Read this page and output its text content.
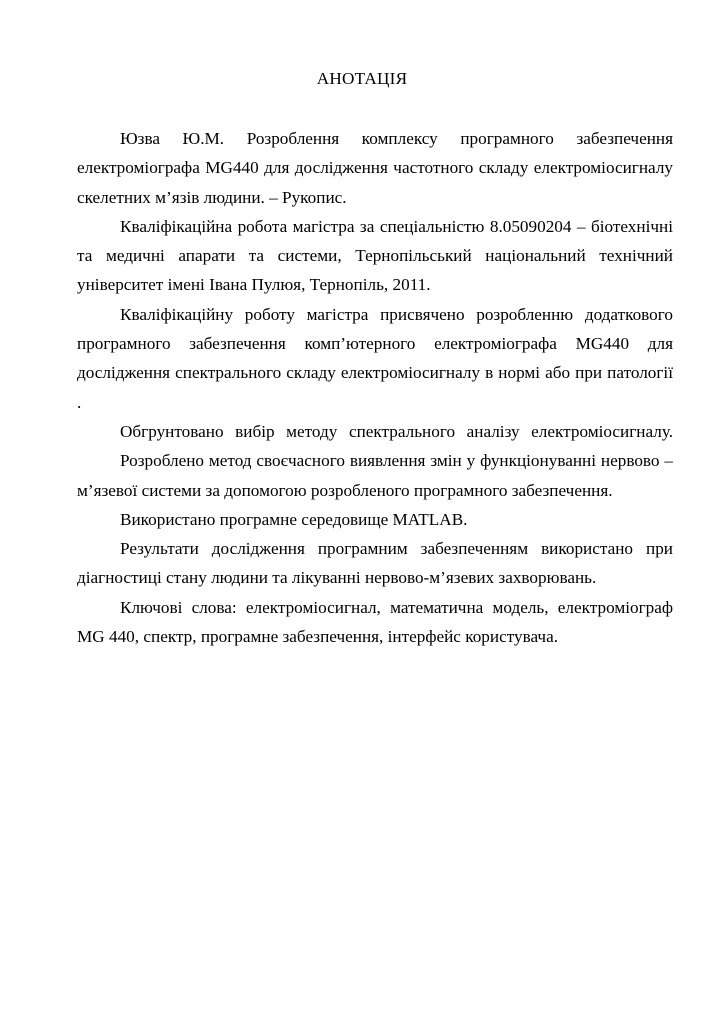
АНОТАЦІЯ

Юзва Ю.М. Розроблення комплексу програмного забезпечення електроміографа MG440 для дослідження частотного складу електроміосигналу скелетних м’язів людини. – Рукопис.

Кваліфікаційна робота магістра за спеціальністю 8.05090204 – біотехнічні та медичні апарати та системи, Тернопільський національний технічний університет імені Івана Пулюя, Тернопіль, 2011.

Кваліфікаційну роботу магістра присвячено розробленню додаткового програмного забезпечення комп’ютерного електроміографа MG440 для дослідження спектрального складу електроміосигналу в нормі або при патології .

Обгрунтовано вибір методу спектрального аналізу електроміосигналу.

Розроблено метод своєчасного виявлення змін у функціонуванні нервово – м’язевої системи за допомогою розробленого програмного забезпечення.

Використано програмне середовище MATLAB.

Результати дослідження програмним забезпеченням використано при діагностиці стану людини та лікуванні нервово-м’язевих захворювань.

Ключові слова: електроміосигнал, математична модель, електроміограф MG 440, спектр, програмне забезпечення, інтерфейс користувача.
